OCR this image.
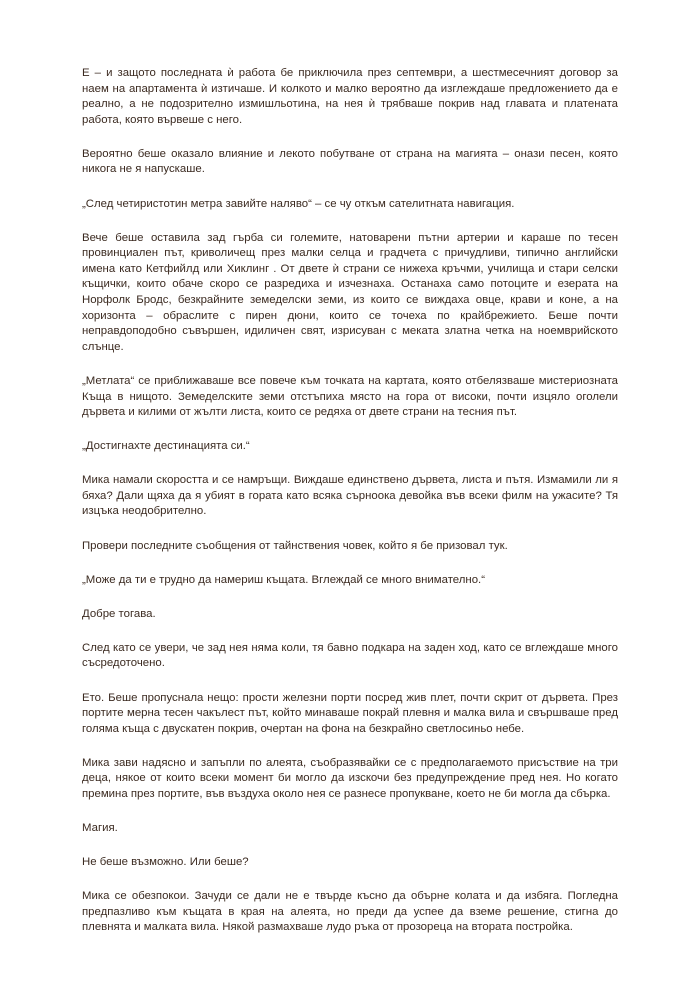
Е – и защото последната ѝ работа бе приключила през септември, а шестмесечният договор за наем на апартамента ѝ изтичаше. И колкото и малко вероятно да изглеждаше предложението да е реално, а не подозрително измишльотина, на нея ѝ трябваше покрив над главата и платената работа, която вървеше с него.

Вероятно беше оказало влияние и лекото побутване от страна на магията – онази песен, която никога не я напускаше.

„След четиристотин метра завийте наляво“ – се чу откъм сателитната навигация.

Вече беше оставила зад гърба си големите, натоварени пътни артерии и караше по тесен провинциален път, криволичещ през малки селца и градчета с причудливи, типично английски имена като Кетфийлд или Хиклинг . От двете ѝ страни се нижеха кръчми, училища и стари селски къщички, които обаче скоро се разредиха и изчезнаха. Останаха само потоците и езерата на Норфолк Бродс, безкрайните земеделски земи, из които се виждаха овце, крави и коне, а на хоризонта – обраслите с пирен дюни, които се точеха по крайбрежието. Беше почти неправдоподобно съвършен, идиличен свят, изрисуван с меката златна четка на ноемврийското слънце.

„Метлата“ се приближаваше все повече към точката на картата, която отбелязваше мистериозната Къща в нищото. Земеделските земи отстъпиха място на гора от високи, почти изцяло оголели дървета и килими от жълти листа, които се редяха от двете страни на тесния път.

„Достигнахте дестинацията си.“

Мика намали скоростта и се намръщи. Виждаше единствено дървета, листа и пътя. Измамили ли я бяха? Дали щяха да я убият в гората като всяка сърноока девойка във всеки филм на ужасите? Тя изцъка неодобрително.

Провери последните съобщения от тайнствения човек, който я бе призовал тук.

„Може да ти е трудно да намериш къщата. Вглеждай се много внимателно.“

Добре тогава.

След като се увери, че зад нея няма коли, тя бавно подкара на заден ход, като се вглеждаше много съсредоточено.

Ето. Беше пропуснала нещо: прости железни порти посред жив плет, почти скрит от дървета. През портите мерна тесен чакълест път, който минаваше покрай плевня и малка вила и свършваше пред голяма къща с двускатен покрив, очертан на фона на безкрайно светлосиньо небе.

Мика зави надясно и запъпли по алеята, съобразявайки се с предполагаемото присъствие на три деца, някое от които всеки момент би могло да изскочи без предупреждение пред нея. Но когато премина през портите, във въздуха около нея се разнесе пропукване, което не би могла да сбърка.

Магия.

Не беше възможно. Или беше?

Мика се обезпокои. Зачуди се дали не е твърде късно да обърне колата и да избяга. Погледна предпазливо към къщата в края на алеята, но преди да успее да вземе решение, стигна до плевнята и малката вила. Някой размахваше лудо ръка от прозореца на втората постройка.
